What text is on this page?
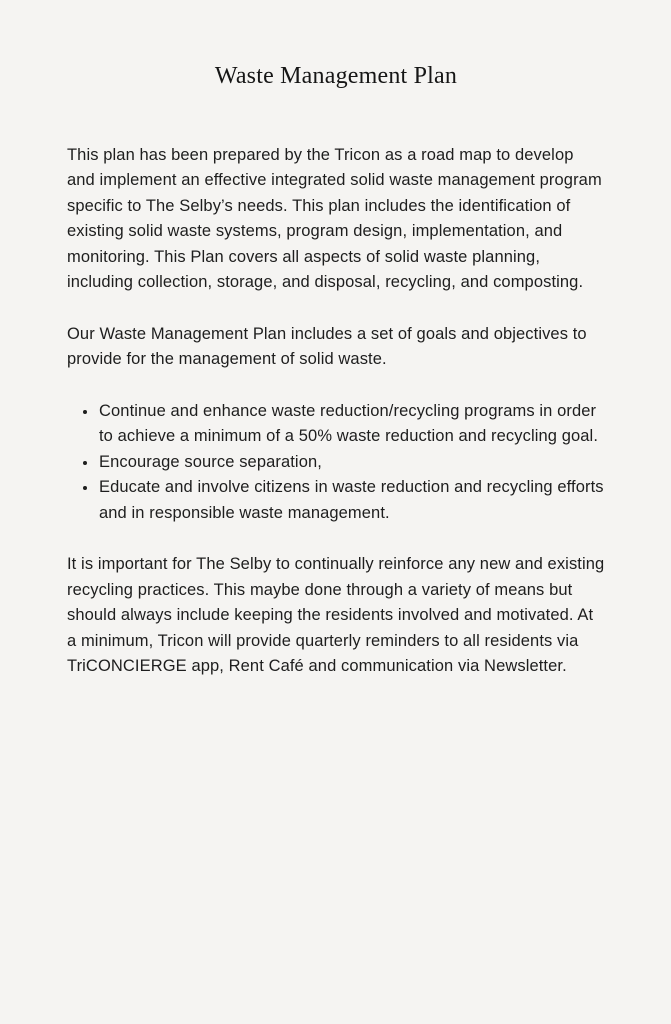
Waste Management Plan

This plan has been prepared by the Tricon as a road map to develop and implement an effective integrated solid waste management program specific to The Selby’s needs. This plan includes the identification of existing solid waste systems, program design, implementation, and monitoring. This Plan covers all aspects of solid waste planning, including collection, storage, and disposal, recycling, and composting.

Our Waste Management Plan includes a set of goals and objectives to provide for the management of solid waste.

• Continue and enhance waste reduction/recycling programs in order to achieve a minimum of a 50% waste reduction and recycling goal.
• Encourage source separation,
• Educate and involve citizens in waste reduction and recycling efforts and in responsible waste management.

It is important for The Selby to continually reinforce any new and existing recycling practices. This maybe done through a variety of means but should always include keeping the residents involved and motivated. At a minimum, Tricon will provide quarterly reminders to all residents via TriCONCIERGE app, Rent Café and communication via Newsletter.
